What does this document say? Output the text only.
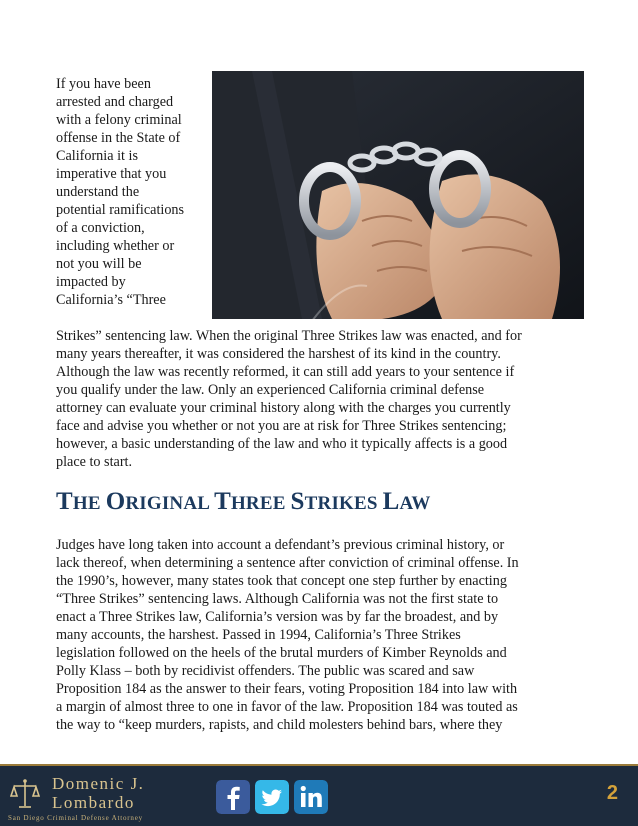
If you have been
arrested and charged
with a felony criminal
offense in the State of
California it is
imperative that you
understand the
potential ramifications
of a conviction,
including whether or
not you will be
impacted by
California’s “Three
Strikes” sentencing law. When the original Three Strikes law was enacted, and for
many years thereafter, it was considered the harshest of its kind in the country.
Although the law was recently reformed, it can still add years to your sentence if
you qualify under the law. Only an experienced California criminal defense
attorney can evaluate your criminal history along with the charges you currently
face and advise you whether or not you are at risk for Three Strikes sentencing;
however, a basic understanding of the law and who it typically affects is a good
place to start.
THE ORIGINAL THREE STRIKES LAW
Judges have long taken into account a defendant’s previous criminal history, or
lack thereof, when determining a sentence after conviction of criminal offense. In
the 1990’s, however, many states took that concept one step further by enacting
“Three Strikes” sentencing laws. Although California was not the first state to
enact a Three Strikes law, California’s version was by far the broadest, and by
many accounts, the harshest. Passed in 1994, California’s Three Strikes
legislation followed on the heels of the brutal murders of Kimber Reynolds and
Polly Klass – both by recidivist offenders. The public was scared and saw
Proposition 184 as the answer to their fears, voting Proposition 184 into law with
a margin of almost three to one in favor of the law. Proposition 184 was touted as
the way to “keep murders, rapists, and child molesters behind bars, where they
Domenic J.
Lombardo
San Diego Criminal Defense Attorney
2
